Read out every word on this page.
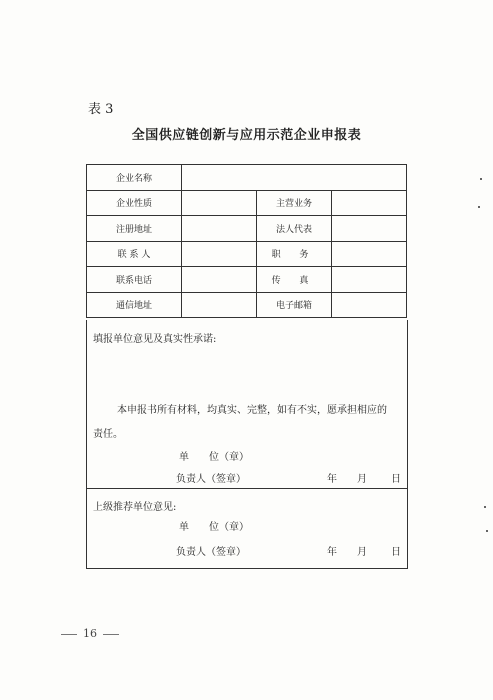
表 3
全国供应链创新与应用示范企业申报表
企业名称			
企业性质		主营业务	
注册地址		法人代表	
联 系 人		职 务	
联系电话		传 真	
通信地址		电子邮箱	
填报单位意见及真实性承诺:
本申报书所有材料，均真实、完整，如有不实，愿承担相应的
责任。
单　　位（章）
负责人（签章）	年 月 日
上级推荐单位意见:
单　　位（章）
负责人（签章）	年 月 日
16
